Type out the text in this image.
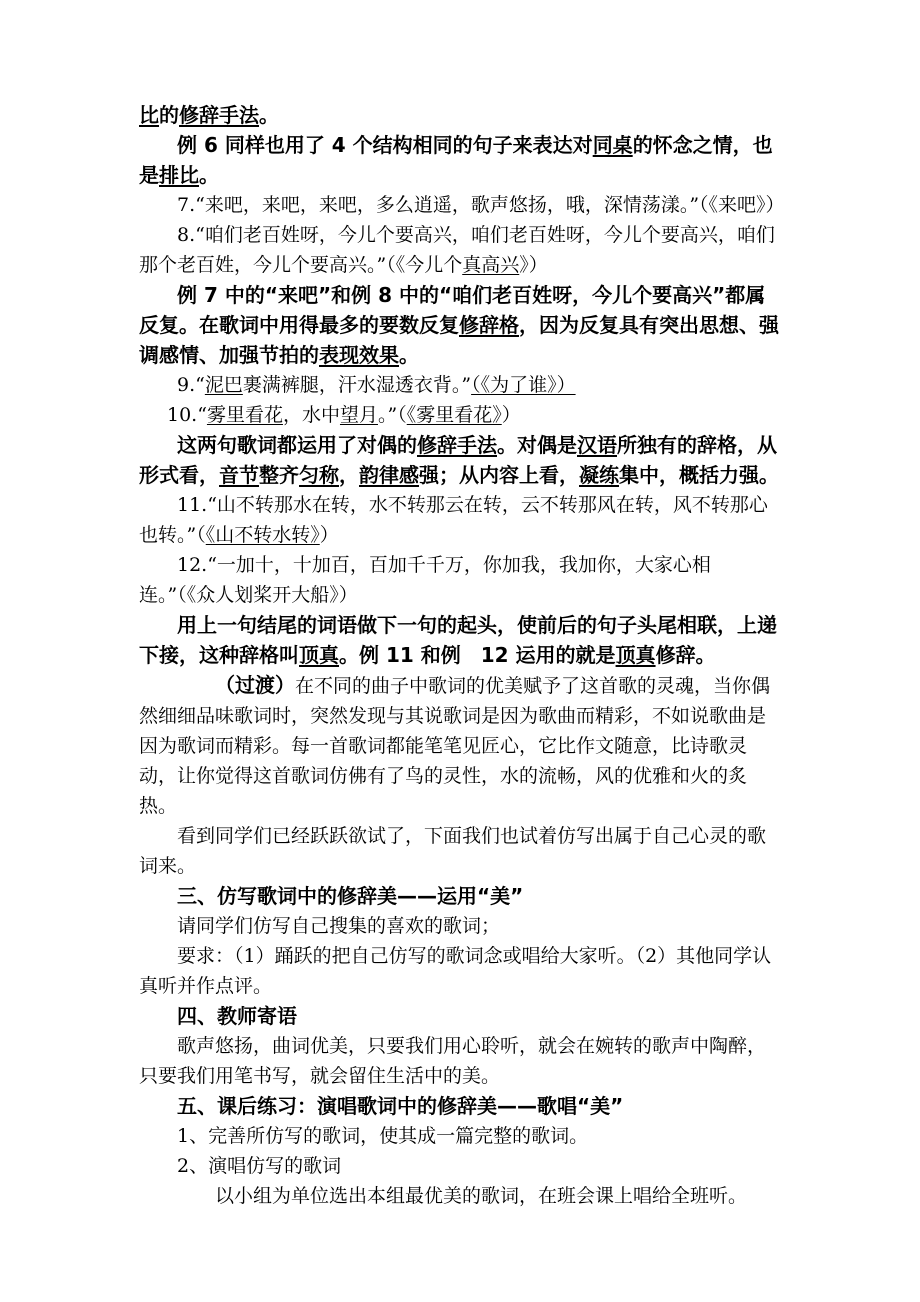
比的修辞手法。

例 6 同样也用了 4 个结构相同的句子来表达对同桌的怀念之情，也是排比。

7.“来吧，来吧，来吧，多么逍遥，歌声悠扬，哦，深情荡漾。”（《来吧》）

8.“咱们老百姓呀，今儿个要高兴，咱们老百姓呀，今儿个要高兴，咱们那个老百姓，今儿个要高兴。”（《今儿个真高兴》）

例 7 中的“来吧”和例 8 中的“咱们老百姓呀，今儿个要高兴”都属反复。在歌词中用得最多的要数反复修辞格，因为反复具有突出思想、强调感情、加强节拍的表现效果。

9.“泥巴裹满裤腿，汗水湿透衣背。”（《为了谁》）

10.“雾里看花，水中望月。”（《雾里看花》）

这两句歌词都运用了对偶的修辞手法。对偶是汉语所独有的辞格，从形式看，音节整齐匀称，韵律感强；从内容上看，凝练集中，概括力强。

11.“山不转那水在转，水不转那云在转，云不转那风在转，风不转那心也转。”（《山不转水转》）

12.“一加十，十加百，百加千千万，你加我，我加你，大家心相连。”（《众人划桨开大船》）

用上一句结尾的词语做下一句的起头，使前后的句子头尾相联，上递下接，这种辞格叫顶真。例 11 和例　12 运用的就是顶真修辞。

（过渡）在不同的曲子中歌词的优美赋予了这首歌的灵魂，当你偶然细细品味歌词时，突然发现与其说歌词是因为歌曲而精彩，不如说歌曲是因为歌词而精彩。每一首歌词都能笔笔见匠心，它比作文随意，比诗歌灵动，让你觉得这首歌词仿佛有了鸟的灵性，水的流畅，风的优雅和火的炙热。

看到同学们已经跃跃欲试了，下面我们也试着仿写出属于自己心灵的歌词来。

三、仿写歌词中的修辞美——运用“美”

请同学们仿写自己搜集的喜欢的歌词；

要求：（1）踊跃的把自己仿写的歌词念或唱给大家听。（2）其他同学认真听并作点评。

四、教师寄语

歌声悠扬，曲词优美，只要我们用心聆听，就会在婉转的歌声中陶醉，只要我们用笔书写，就会留住生活中的美。

五、课后练习：演唱歌词中的修辞美——歌唱“美”

1、完善所仿写的歌词，使其成一篇完整的歌词。

2、演唱仿写的歌词

以小组为单位选出本组最优美的歌词，在班会课上唱给全班听。
